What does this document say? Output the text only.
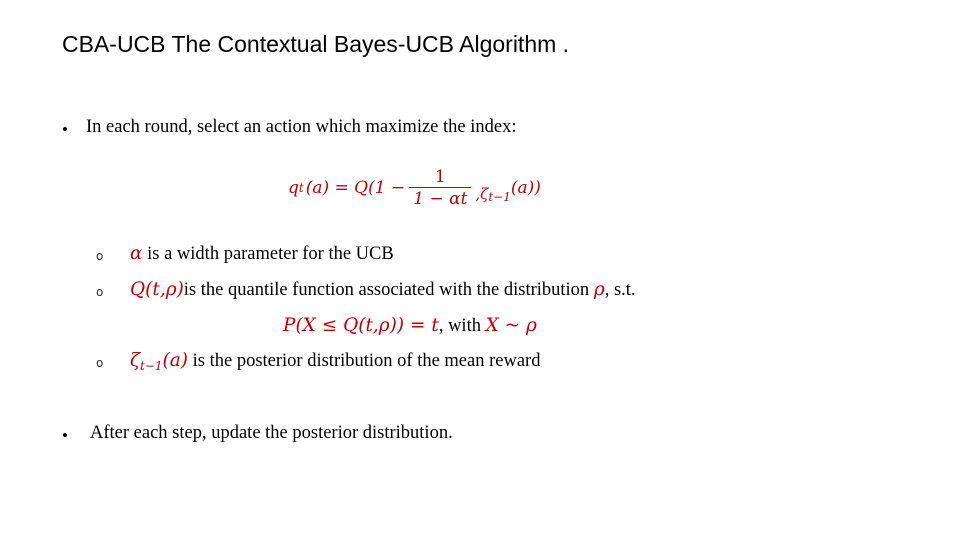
CBA-UCB The Contextual Bayes-UCB Algorithm .
• In each round, select an action which maximize the index:
q t $(a) = Q(1 - \frac{1}{1 - \alpha t} ,\zeta$ t−1 (a))
o α is a width parameter for the UCB
o Q(t,ρ)is the quantile function associated with the distribution ρ, s.t.
P(X ≤ Q(t,ρ)) = t, with X ~ ρ
o $\zeta_{t-1}(a)$ is the posterior distribution of the mean reward
• After each step, update the posterior distribution.
